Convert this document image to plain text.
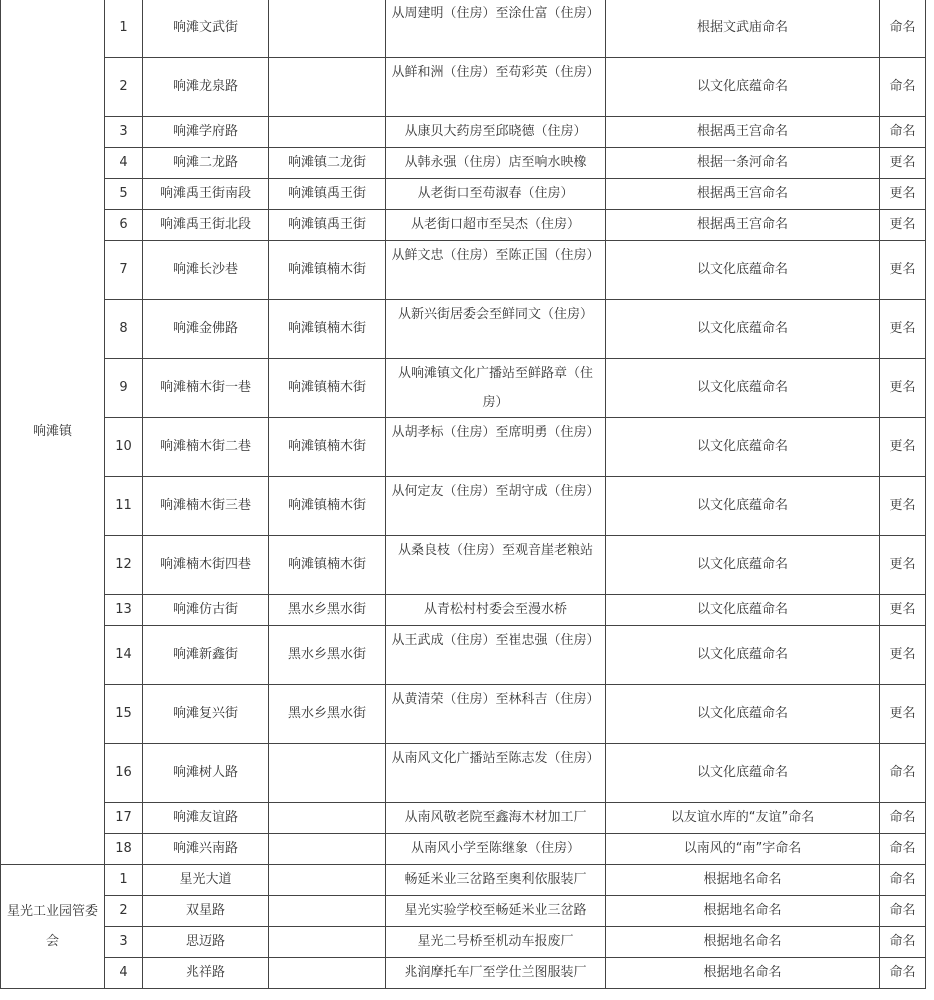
响滩镇	1	响滩文武街		从周建明（住房）至涂仕富（住房）	根据文武庙命名	命名
	2	响滩龙泉路		从鲜和洲（住房）至苟彩英（住房）	以文化底蕴命名	命名
	3	响滩学府路		从康贝大药房至邱晓德（住房）	根据禹王宫命名	命名
	4	响滩二龙路	响滩镇二龙街	从韩永强（住房）店至响水映橡	根据一条河命名	更名
	5	响滩禹王街南段	响滩镇禹王街	从老街口至苟淑春（住房）	根据禹王宫命名	更名
	6	响滩禹王街北段	响滩镇禹王街	从老街口超市至吴杰（住房）	根据禹王宫命名	更名
	7	响滩长沙巷	响滩镇楠木街	从鲜文忠（住房）至陈正国（住房）	以文化底蕴命名	更名
	8	响滩金佛路	响滩镇楠木街	从新兴街居委会至鲜同文（住房）	以文化底蕴命名	更名
	9	响滩楠木街一巷	响滩镇楠木街	从响滩镇文化广播站至鲜路章（住房）	以文化底蕴命名	更名
	10	响滩楠木街二巷	响滩镇楠木街	从胡孝标（住房）至席明勇（住房）	以文化底蕴命名	更名
	11	响滩楠木街三巷	响滩镇楠木街	从何定友（住房）至胡守成（住房）	以文化底蕴命名	更名
	12	响滩楠木街四巷	响滩镇楠木街	从桑良枝（住房）至观音崖老粮站	以文化底蕴命名	更名
	13	响滩仿古街	黑水乡黑水街	从青松村村委会至漫水桥	以文化底蕴命名	更名
	14	响滩新鑫街	黑水乡黑水街	从王武成（住房）至崔忠强（住房）	以文化底蕴命名	更名
	15	响滩复兴街	黑水乡黑水街	从黄清荣（住房）至林科吉（住房）	以文化底蕴命名	更名
	16	响滩树人路		从南风文化广播站至陈志发（住房）	以文化底蕴命名	命名
	17	响滩友谊路		从南风敬老院至鑫海木材加工厂	以友谊水库的“友谊”命名	命名
	18	响滩兴南路		从南风小学至陈继象（住房）	以南风的“南”字命名	命名
星光工业园管委会	1	星光大道		畅延米业三岔路至奥利依服装厂	根据地名命名	命名
	2	双星路		星光实验学校至畅延米业三岔路	根据地名命名	命名
	3	思迈路		星光二号桥至机动车报废厂	根据地名命名	命名
	4	兆祥路		兆润摩托车厂至学仕兰图服装厂	根据地名命名	命名
